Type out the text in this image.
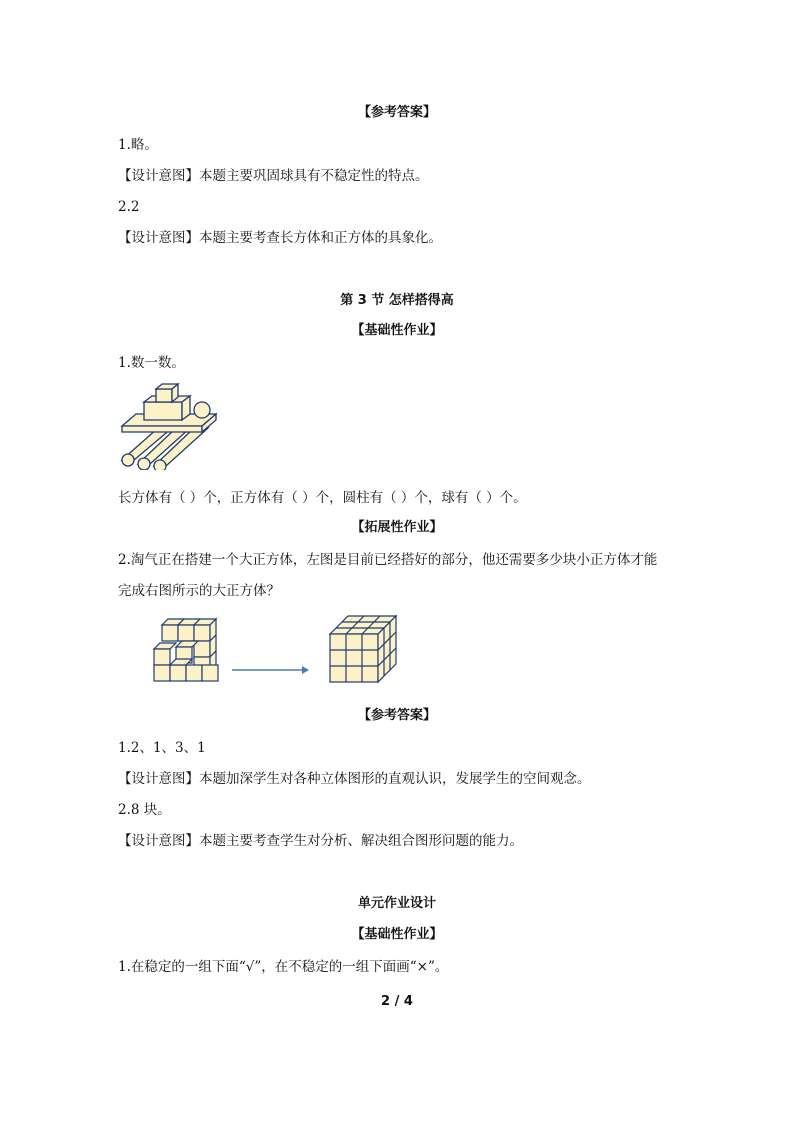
【参考答案】
1.略。
【设计意图】本题主要巩固球具有不稳定性的特点。
2.2
【设计意图】本题主要考查长方体和正方体的具象化。
第 3 节 怎样搭得高
【基础性作业】
1.数一数。
长方体有（ ）个，正方体有（ ）个，圆柱有（ ）个，球有（ ）个。
【拓展性作业】
2.淘气正在搭建一个大正方体，左图是目前已经搭好的部分，他还需要多少块小正方体才能
完成右图所示的大正方体？
【参考答案】
1.2、1、3、1
【设计意图】本题加深学生对各种立体图形的直观认识，发展学生的空间观念。
2.8 块。
【设计意图】本题主要考查学生对分析、解决组合图形问题的能力。
单元作业设计
【基础性作业】
1.在稳定的一组下面“√”，在不稳定的一组下面画“×”。
2 / 4
